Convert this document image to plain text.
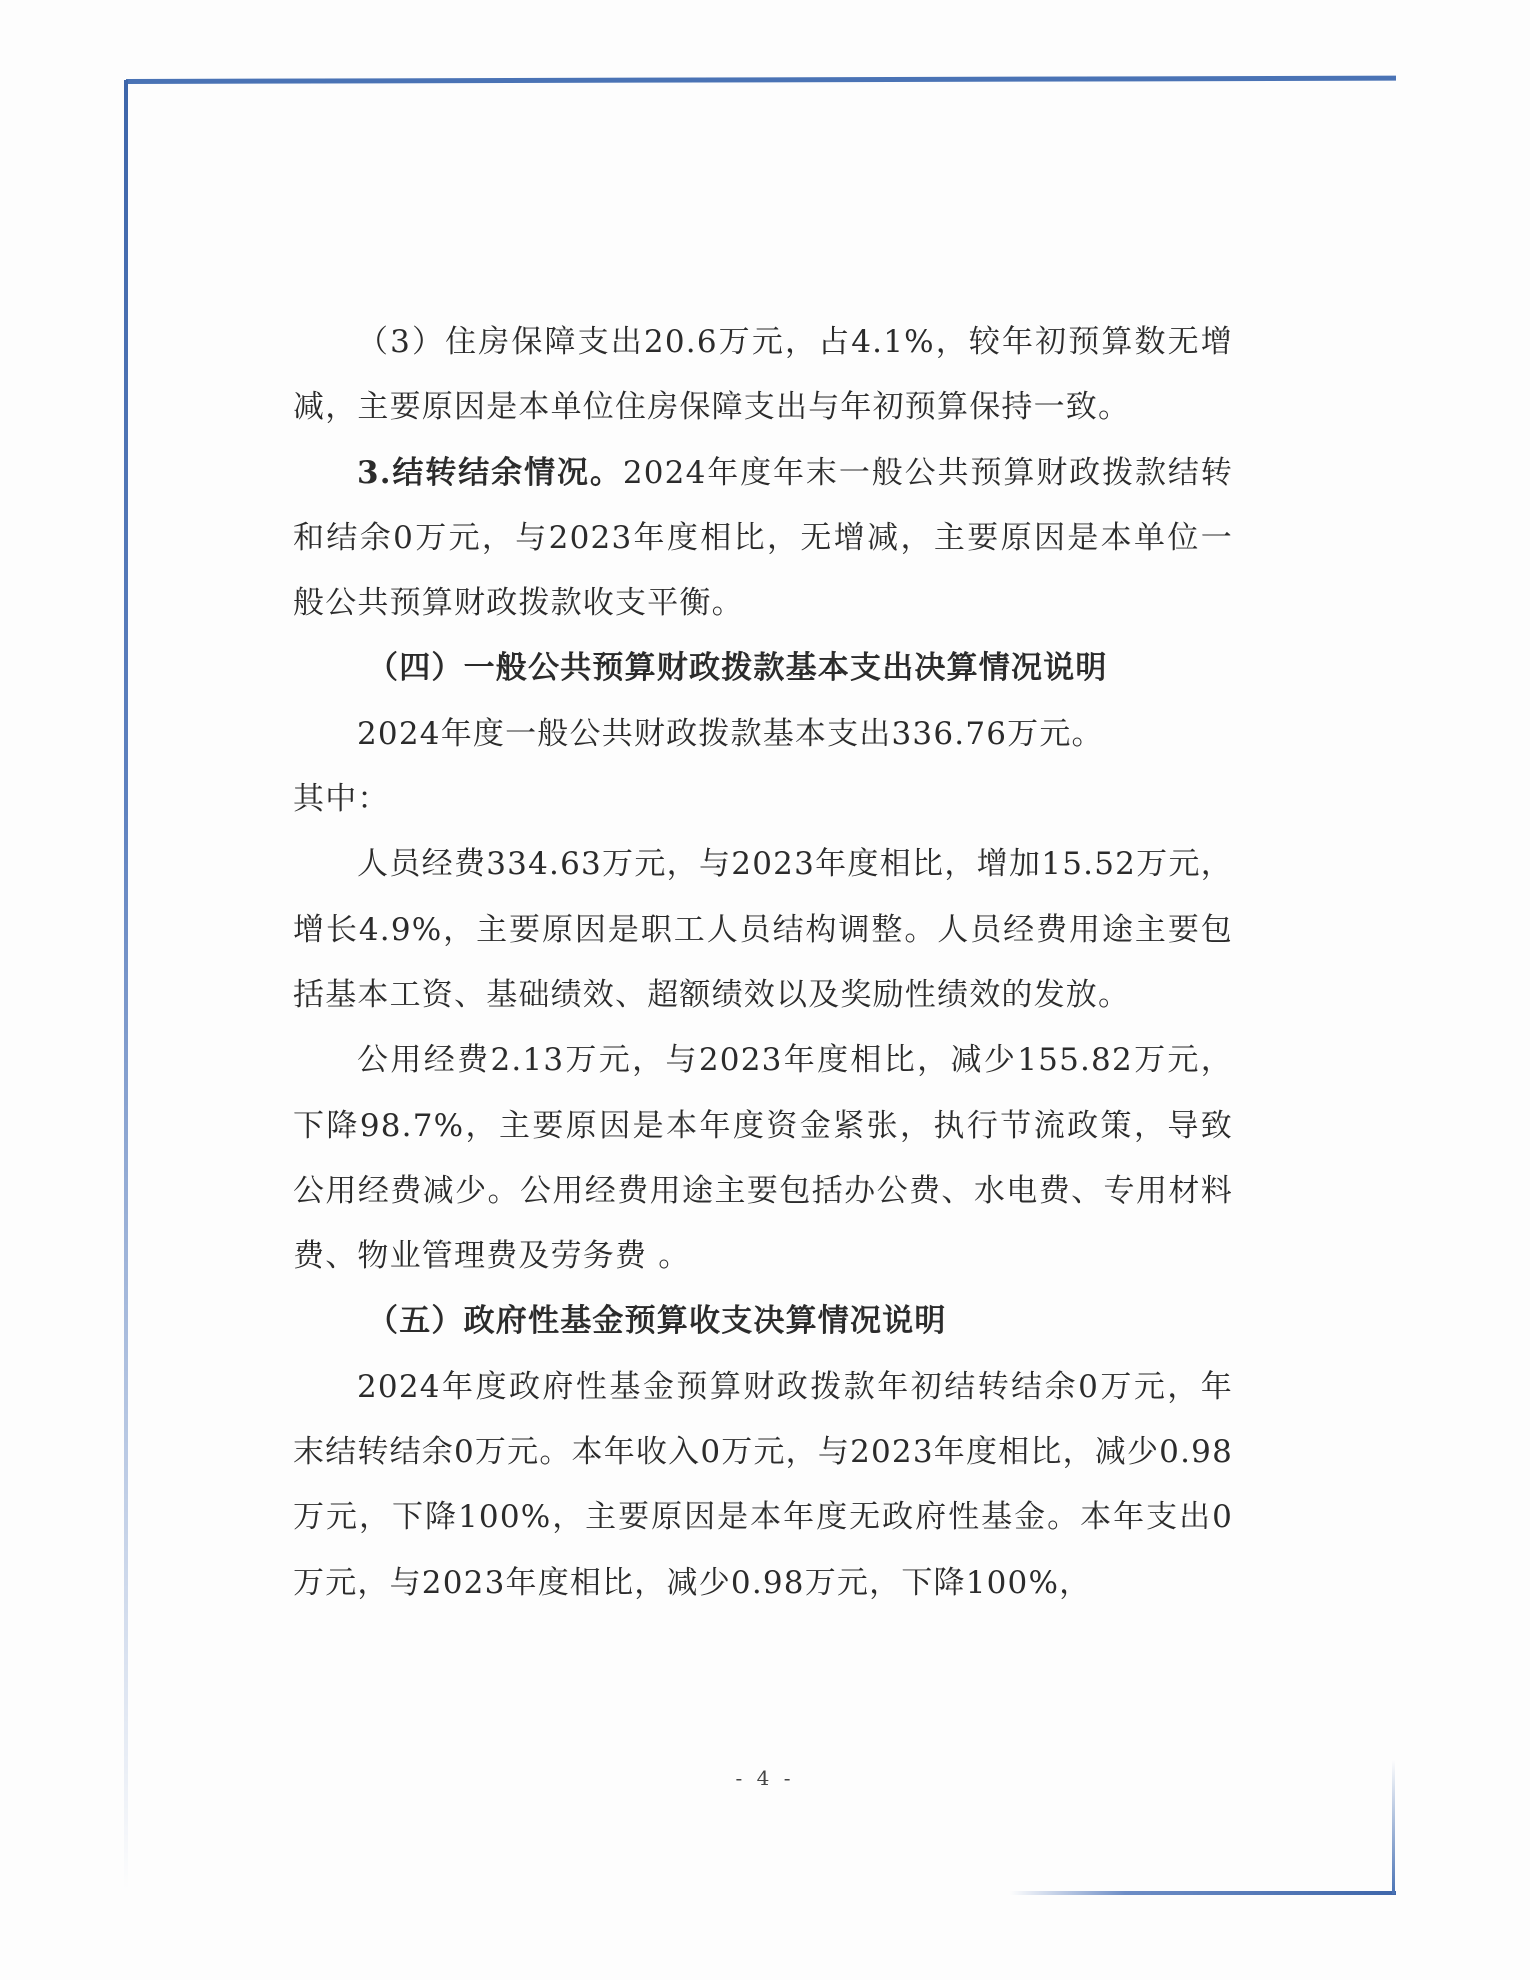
（3）住房保障支出20.6万元，占4.1%，较年初预算数无增减，主要原因是本单位住房保障支出与年初预算保持一致。

3.结转结余情况。2024年度年末一般公共预算财政拨款结转和结余0万元，与2023年度相比，无增减，主要原因是本单位一般公共预算财政拨款收支平衡。

（四）一般公共预算财政拨款基本支出决算情况说明

2024年度一般公共财政拨款基本支出336.76万元。

其中：

人员经费334.63万元，与2023年度相比，增加15.52万元，增长4.9%，主要原因是职工人员结构调整。人员经费用途主要包括基本工资、基础绩效、超额绩效以及奖励性绩效的发放。

公用经费2.13万元，与2023年度相比，减少155.82万元，下降98.7%，主要原因是本年度资金紧张，执行节流政策，导致公用经费减少。公用经费用途主要包括办公费、水电费、专用材料费、物业管理费及劳务费 。

（五）政府性基金预算收支决算情况说明

2024年度政府性基金预算财政拨款年初结转结余0万元，年末结转结余0万元。本年收入0万元，与2023年度相比，减少0.98万元，下降100%，主要原因是本年度无政府性基金。本年支出0万元，与2023年度相比，减少0.98万元，下降100%，

- 4 -
